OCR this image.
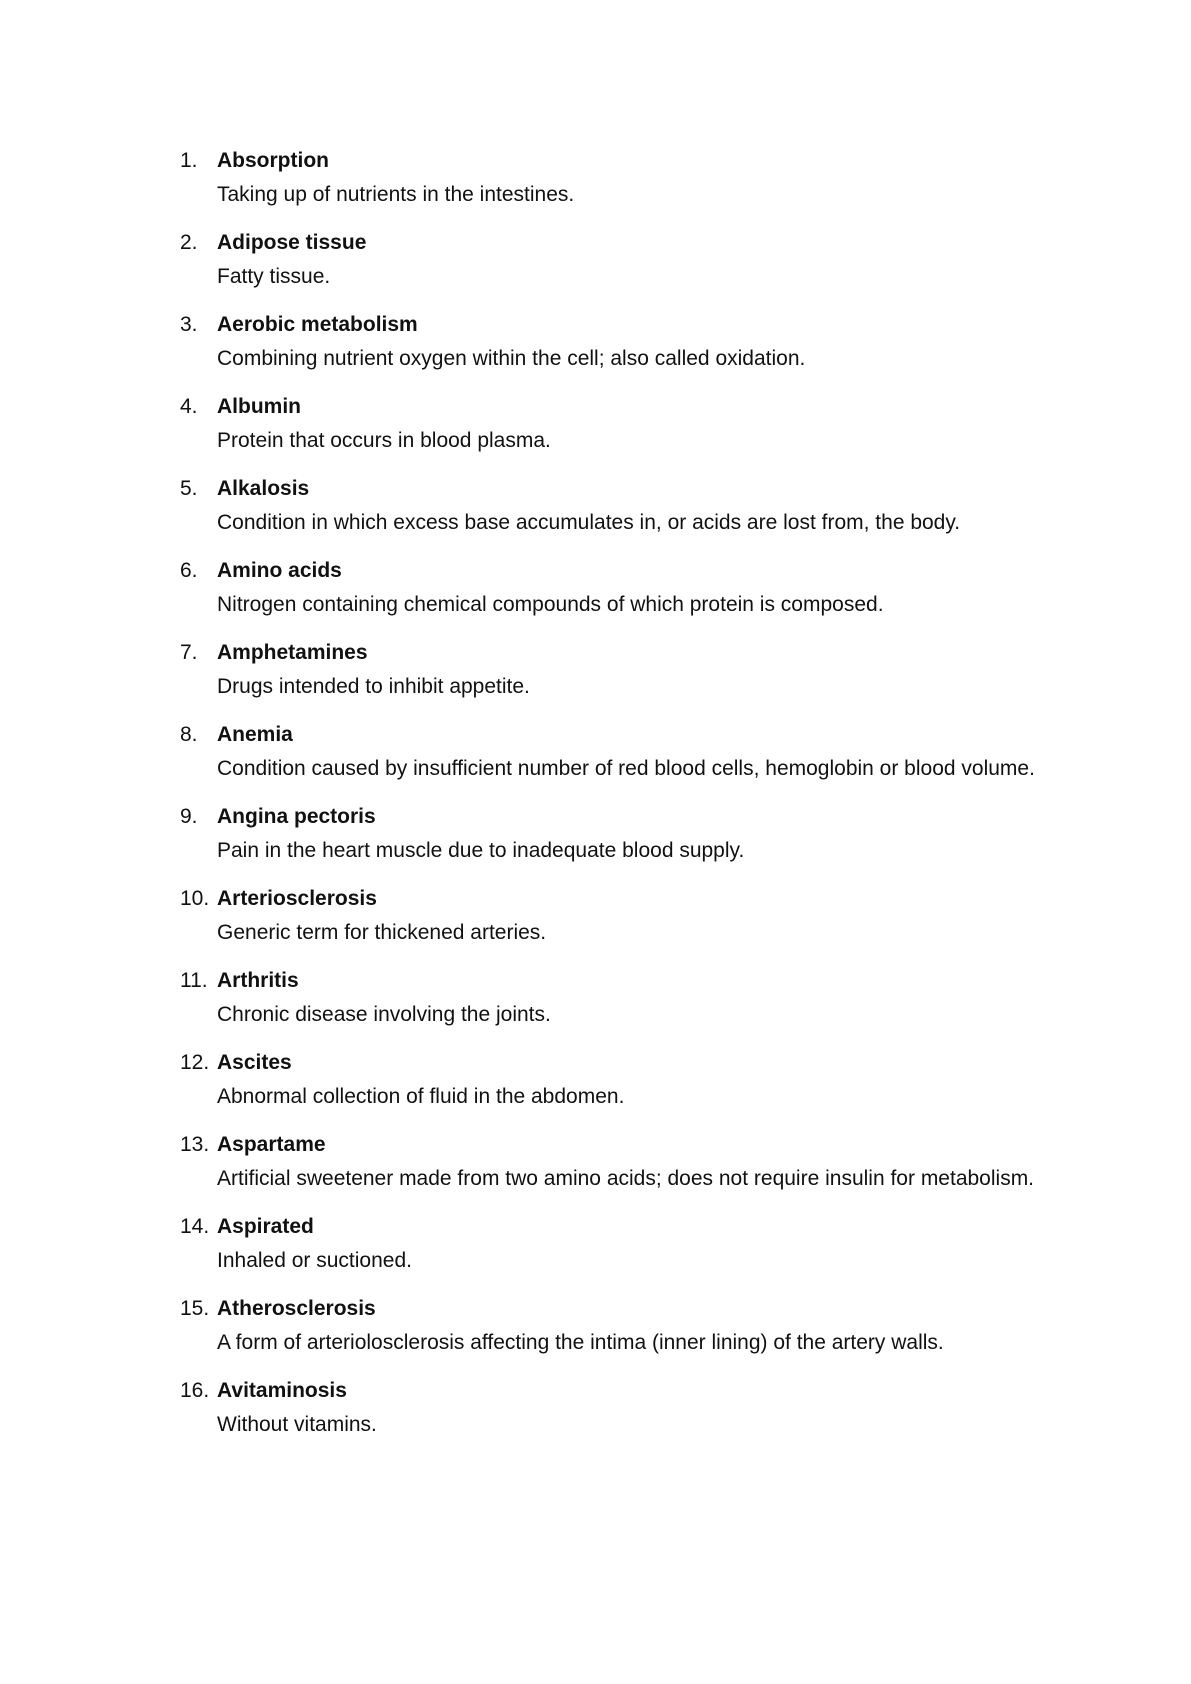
1. Absorption
Taking up of nutrients in the intestines.
2. Adipose tissue
Fatty tissue.
3. Aerobic metabolism
Combining nutrient oxygen within the cell; also called oxidation.
4. Albumin
Protein that occurs in blood plasma.
5. Alkalosis
Condition in which excess base accumulates in, or acids are lost from, the body.
6. Amino acids
Nitrogen containing chemical compounds of which protein is composed.
7. Amphetamines
Drugs intended to inhibit appetite.
8. Anemia
Condition caused by insufficient number of red blood cells, hemoglobin or blood volume.
9. Angina pectoris
Pain in the heart muscle due to inadequate blood supply.
10. Arteriosclerosis
Generic term for thickened arteries.
11. Arthritis
Chronic disease involving the joints.
12. Ascites
Abnormal collection of fluid in the abdomen.
13. Aspartame
Artificial sweetener made from two amino acids; does not require insulin for metabolism.
14. Aspirated
Inhaled or suctioned.
15. Atherosclerosis
A form of arteriolosclerosis affecting the intima (inner lining) of the artery walls.
16. Avitaminosis
Without vitamins.
